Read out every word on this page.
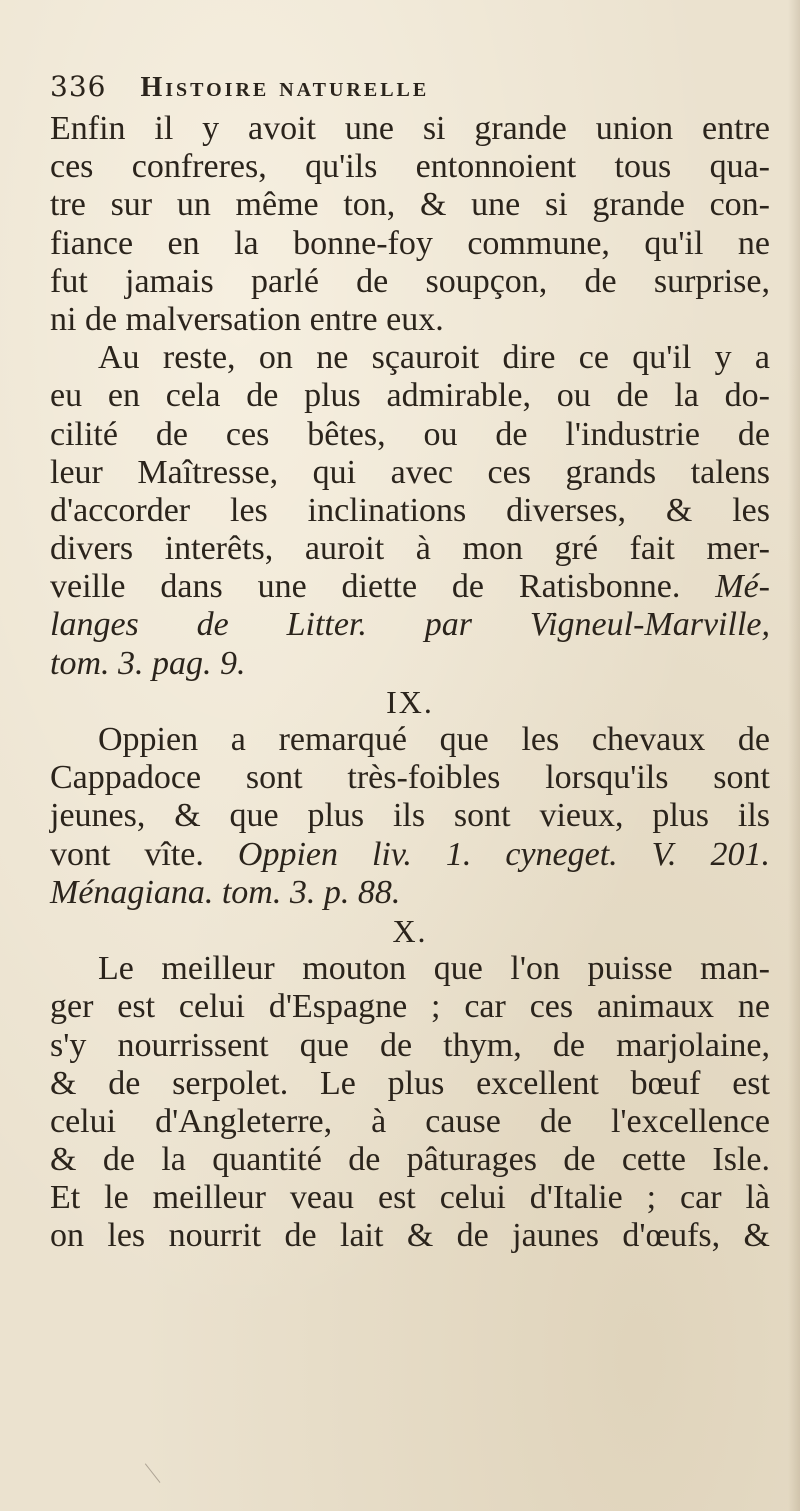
336 Histoire naturelle
Enfin il y avoit une si grande union entre
ces confreres, qu'ils entonnoient tous qua-
tre sur un même ton, & une si grande con-
fiance en la bonne-foy commune, qu'il ne
fut jamais parlé de soupçon, de surprise,
ni de malversation entre eux.
Au reste, on ne sçauroit dire ce qu'il y a
eu en cela de plus admirable, ou de la do-
cilité de ces bêtes, ou de l'industrie de
leur Maîtresse, qui avec ces grands talens
d'accorder les inclinations diverses, & les
divers interêts, auroit à mon gré fait mer-
veille dans une diette de Ratisbonne. Mé-
langes de Litter. par Vigneul-Marville,
tom. 3. pag. 9.
IX.
Oppien a remarqué que les chevaux de
Cappadoce sont très-foibles lorsqu'ils sont
jeunes, & que plus ils sont vieux, plus ils
vont vîte. Oppien liv. 1. cyneget. V. 201.
Ménagiana. tom. 3. p. 88.
X.
Le meilleur mouton que l'on puisse man-
ger est celui d'Espagne ; car ces animaux ne
s'y nourrissent que de thym, de marjolaine,
& de serpolet. Le plus excellent bœuf est
celui d'Angleterre, à cause de l'excellence
& de la quantité de pâturages de cette Isle.
Et le meilleur veau est celui d'Italie ; car là
on les nourrit de lait & de jaunes d'œufs, &
